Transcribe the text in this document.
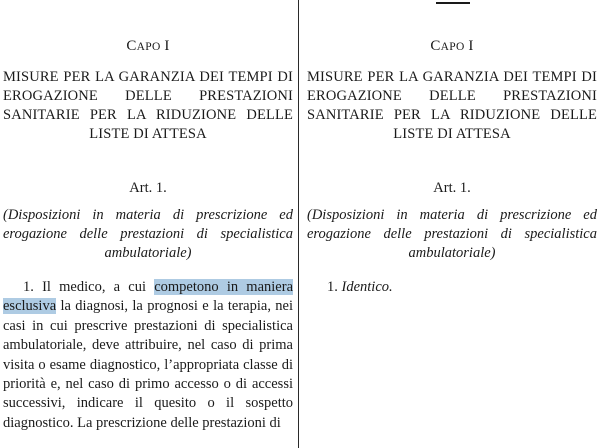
CAPO I

MISURE PER LA GARANZIA DEI TEMPI DI EROGAZIONE DELLE PRESTAZIONI SANITARIE PER LA RIDUZIONE DELLE LISTE DI ATTESA

Art. 1.

(Disposizioni in materia di prescrizione ed erogazione delle prestazioni di specialistica ambulatoriale)

1. Il medico, a cui competono in maniera esclusiva la diagnosi, la prognosi e la terapia, nei casi in cui prescrive prestazioni di specialistica ambulatoriale, deve attribuire, nel caso di prima visita o esame diagnostico, l’appropriata classe di priorità e, nel caso di primo accesso o di accessi successivi, indicare il quesito o il sospetto diagnostico. La prescrizione delle prestazioni di

CAPO I

MISURE PER LA GARANZIA DEI TEMPI DI EROGAZIONE DELLE PRESTAZIONI SANITARIE PER LA RIDUZIONE DELLE LISTE DI ATTESA

Art. 1.

(Disposizioni in materia di prescrizione ed erogazione delle prestazioni di specialistica ambulatoriale)

1. Identico.
